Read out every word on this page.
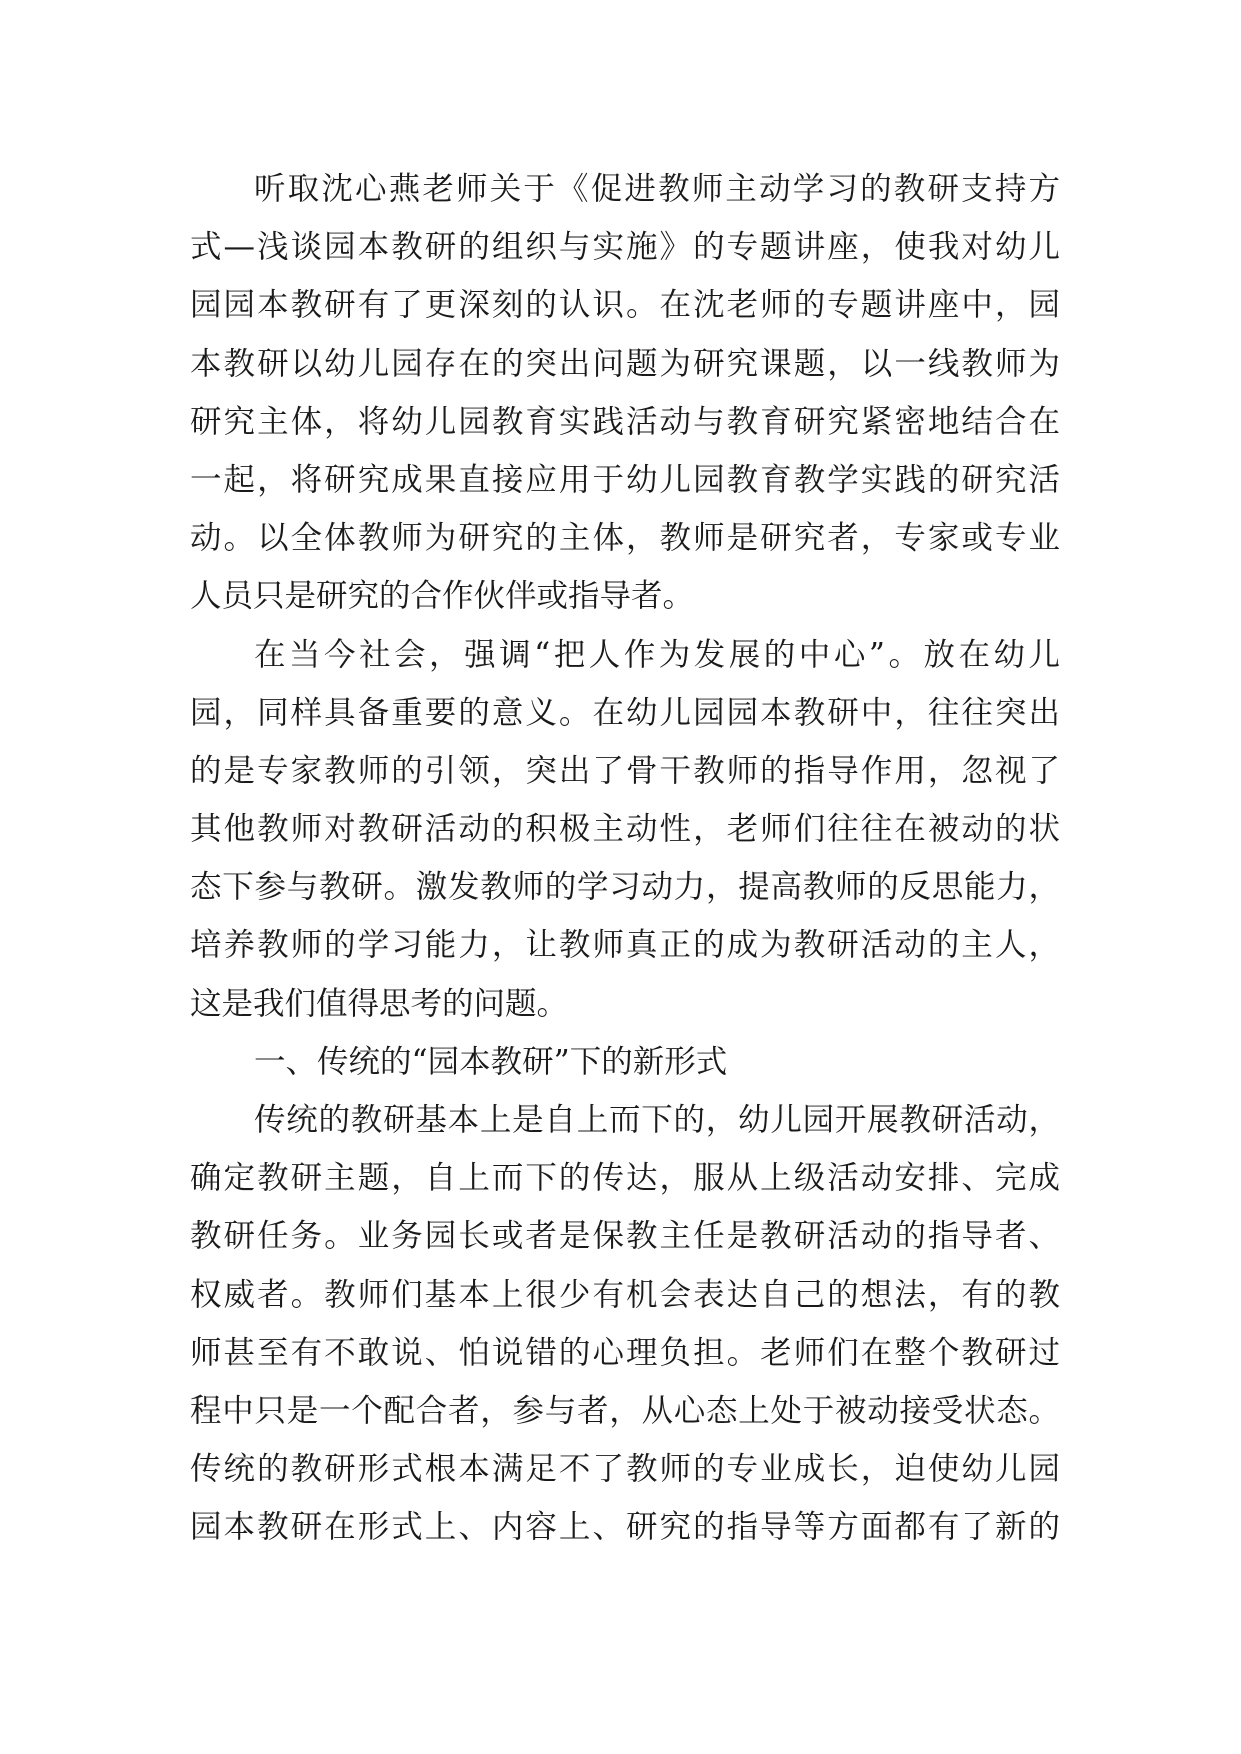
听取沈心燕老师关于《促进教师主动学习的教研支持方
式—浅谈园本教研的组织与实施》的专题讲座，使我对幼儿
园园本教研有了更深刻的认识。在沈老师的专题讲座中，园
本教研以幼儿园存在的突出问题为研究课题，以一线教师为
研究主体，将幼儿园教育实践活动与教育研究紧密地结合在
一起，将研究成果直接应用于幼儿园教育教学实践的研究活
动。以全体教师为研究的主体，教师是研究者，专家或专业
人员只是研究的合作伙伴或指导者。
在当今社会，强调“把人作为发展的中心”。放在幼儿
园，同样具备重要的意义。在幼儿园园本教研中，往往突出
的是专家教师的引领，突出了骨干教师的指导作用，忽视了
其他教师对教研活动的积极主动性，老师们往往在被动的状
态下参与教研。激发教师的学习动力，提高教师的反思能力，
培养教师的学习能力，让教师真正的成为教研活动的主人，
这是我们值得思考的问题。
一、传统的“园本教研”下的新形式
传统的教研基本上是自上而下的，幼儿园开展教研活动，
确定教研主题，自上而下的传达，服从上级活动安排、完成
教研任务。业务园长或者是保教主任是教研活动的指导者、
权威者。教师们基本上很少有机会表达自己的想法，有的教
师甚至有不敢说、怕说错的心理负担。老师们在整个教研过
程中只是一个配合者，参与者，从心态上处于被动接受状态。
传统的教研形式根本满足不了教师的专业成长，迫使幼儿园
园本教研在形式上、内容上、研究的指导等方面都有了新的
